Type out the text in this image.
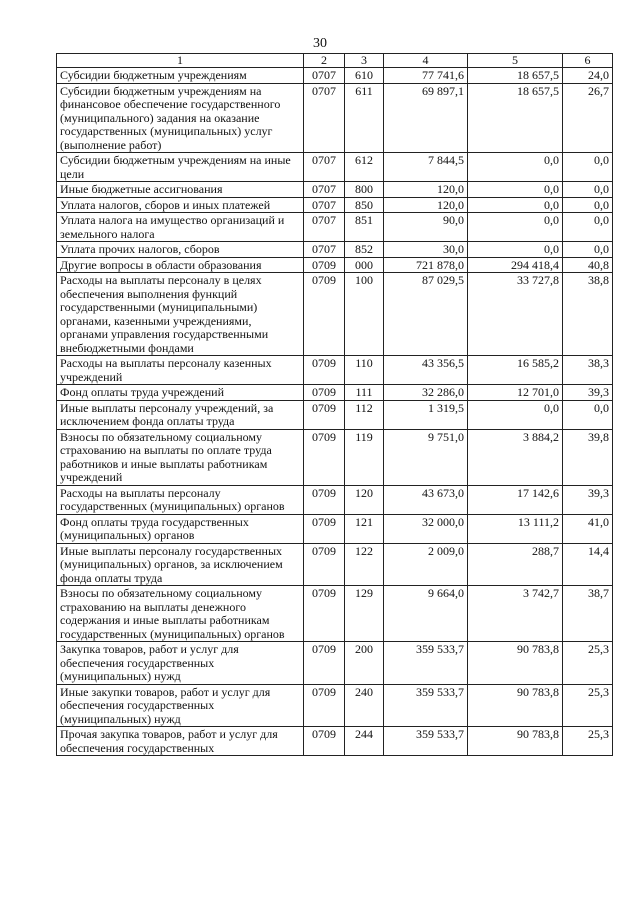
30
1	2	3	4	5	6
Субсидии бюджетным учреждениям	0707	610	77 741,6	18 657,5	24,0
Субсидии бюджетным учреждениям на финансовое обеспечение государственного (муниципального) задания на оказание государственных (муниципальных) услуг (выполнение работ)	0707	611	69 897,1	18 657,5	26,7
Субсидии бюджетным учреждениям на иные цели	0707	612	7 844,5	0,0	0,0
Иные бюджетные ассигнования	0707	800	120,0	0,0	0,0
Уплата налогов, сборов и иных платежей	0707	850	120,0	0,0	0,0
Уплата налога на имущество организаций и земельного налога	0707	851	90,0	0,0	0,0
Уплата прочих налогов, сборов	0707	852	30,0	0,0	0,0
Другие вопросы в области образования	0709	000	721 878,0	294 418,4	40,8
Расходы на выплаты персоналу в целях обеспечения выполнения функций государственными (муниципальными) органами, казенными учреждениями, органами управления государственными внебюджетными фондами	0709	100	87 029,5	33 727,8	38,8
Расходы на выплаты персоналу казенных учреждений	0709	110	43 356,5	16 585,2	38,3
Фонд оплаты труда учреждений	0709	111	32 286,0	12 701,0	39,3
Иные выплаты персоналу учреждений, за исключением фонда оплаты труда	0709	112	1 319,5	0,0	0,0
Взносы по обязательному социальному страхованию на выплаты по оплате труда работников и иные выплаты работникам учреждений	0709	119	9 751,0	3 884,2	39,8
Расходы на выплаты персоналу государственных (муниципальных) органов	0709	120	43 673,0	17 142,6	39,3
Фонд оплаты труда государственных (муниципальных) органов	0709	121	32 000,0	13 111,2	41,0
Иные выплаты персоналу государственных (муниципальных) органов, за исключением фонда оплаты труда	0709	122	2 009,0	288,7	14,4
Взносы по обязательному социальному страхованию на выплаты денежного содержания и иные выплаты работникам государственных (муниципальных) органов	0709	129	9 664,0	3 742,7	38,7
Закупка товаров, работ и услуг для обеспечения государственных (муниципальных) нужд	0709	200	359 533,7	90 783,8	25,3
Иные закупки товаров, работ и услуг для обеспечения государственных (муниципальных) нужд	0709	240	359 533,7	90 783,8	25,3
Прочая закупка товаров, работ и услуг для обеспечения государственных	0709	244	359 533,7	90 783,8	25,3
